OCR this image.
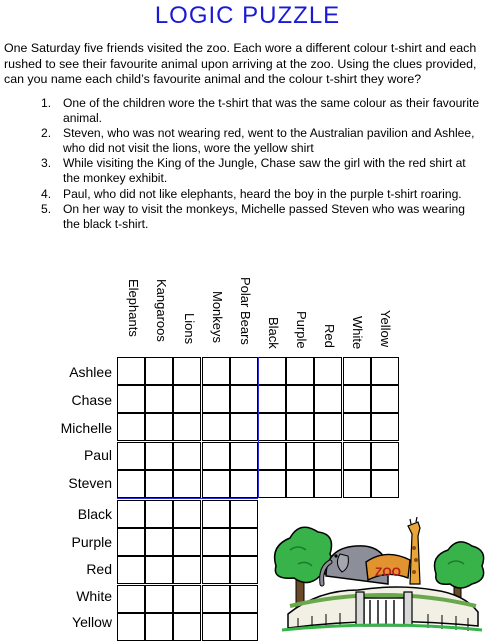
LOGIC PUZZLE
One Saturday five friends visited the zoo. Each wore a different colour t-shirt and each rushed to see their favourite animal upon arriving at the zoo. Using the clues provided, can you name each child’s favourite animal and the colour t-shirt they wore?
1. One of the children wore the t-shirt that was the same colour as their favourite animal.
2. Steven, who was not wearing red, went to the Australian pavilion and Ashlee, who did not visit the lions, wore the yellow shirt
3. While visiting the King of the Jungle, Chase saw the girl with the red shirt at the monkey exhibit.
4. Paul, who did not like elephants, heard the boy in the purple t-shirt roaring.
5. On her way to visit the monkeys, Michelle passed Steven who was wearing the black t-shirt.
Elephants Kangaroos Lions Monkeys Polar Bears Black Purple Red White Yellow
Ashlee
Chase
Michelle
Paul
Steven
Black
Purple
Red
White
Yellow
ZOO
